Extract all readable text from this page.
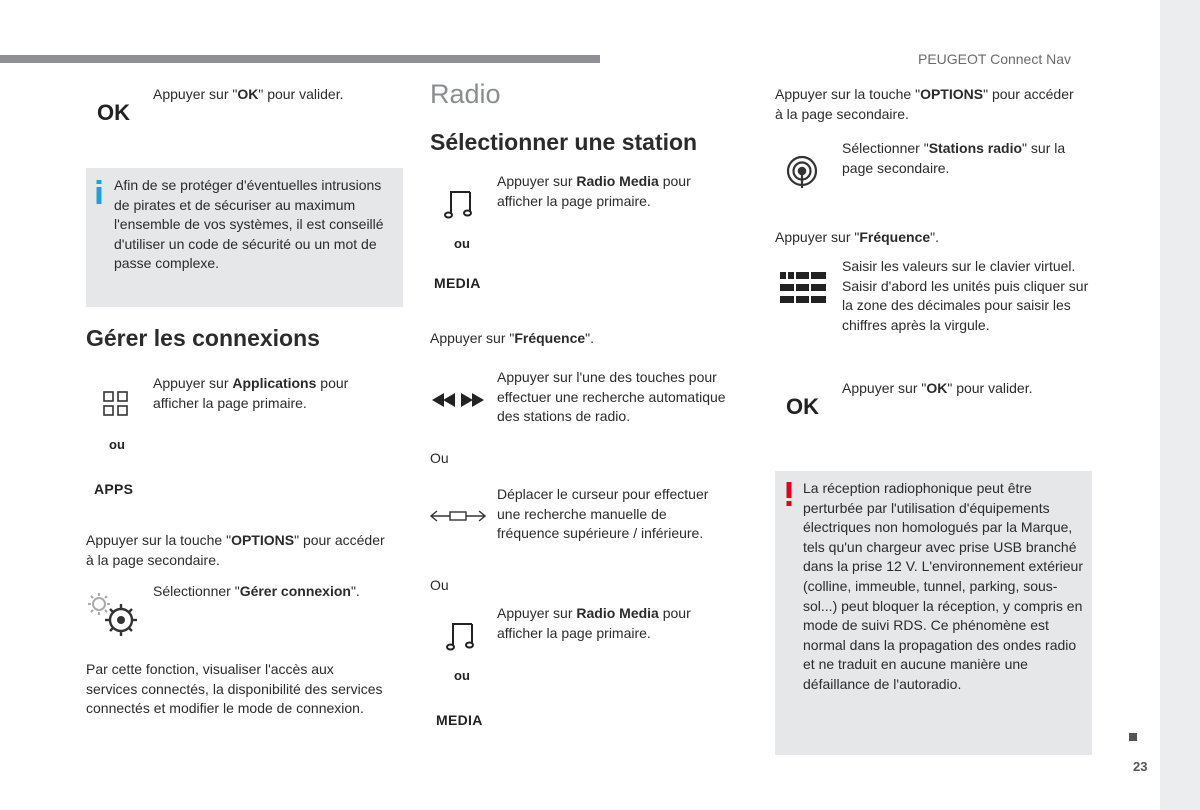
PEUGEOT Connect Nav
23
OK
Appuyer sur "OK" pour valider.
Afin de se protéger d'éventuelles intrusions de pirates et de sécuriser au maximum l'ensemble de vos systèmes, il est conseillé d'utiliser un code de sécurité ou un mot de passe complexe.
Gérer les connexions
Appuyer sur Applications pour afficher la page primaire.
ou
APPS
Appuyer sur la touche "OPTIONS" pour accéder à la page secondaire.
Sélectionner "Gérer connexion".
Par cette fonction, visualiser l'accès aux services connectés, la disponibilité des services connectés et modifier le mode de connexion.
Radio
Sélectionner une station
Appuyer sur Radio Media pour afficher la page primaire.
ou
MEDIA
Appuyer sur "Fréquence".
Appuyer sur l'une des touches pour effectuer une recherche automatique des stations de radio.
Ou
Déplacer le curseur pour effectuer une recherche manuelle de fréquence supérieure / inférieure.
Ou
Appuyer sur Radio Media pour afficher la page primaire.
ou
MEDIA
Appuyer sur la touche "OPTIONS" pour accéder à la page secondaire.
Sélectionner "Stations radio" sur la page secondaire.
Appuyer sur "Fréquence".
Saisir les valeurs sur le clavier virtuel.
Saisir d'abord les unités puis cliquer sur la zone des décimales pour saisir les chiffres après la virgule.
Appuyer sur "OK" pour valider.
OK
La réception radiophonique peut être perturbée par l'utilisation d'équipements électriques non homologués par la Marque, tels qu'un chargeur avec prise USB branché dans la prise 12 V. L'environnement extérieur (colline, immeuble, tunnel, parking, sous-sol...) peut bloquer la réception, y compris en mode de suivi RDS. Ce phénomène est normal dans la propagation des ondes radio et ne traduit en aucune manière une défaillance de l'autoradio.
